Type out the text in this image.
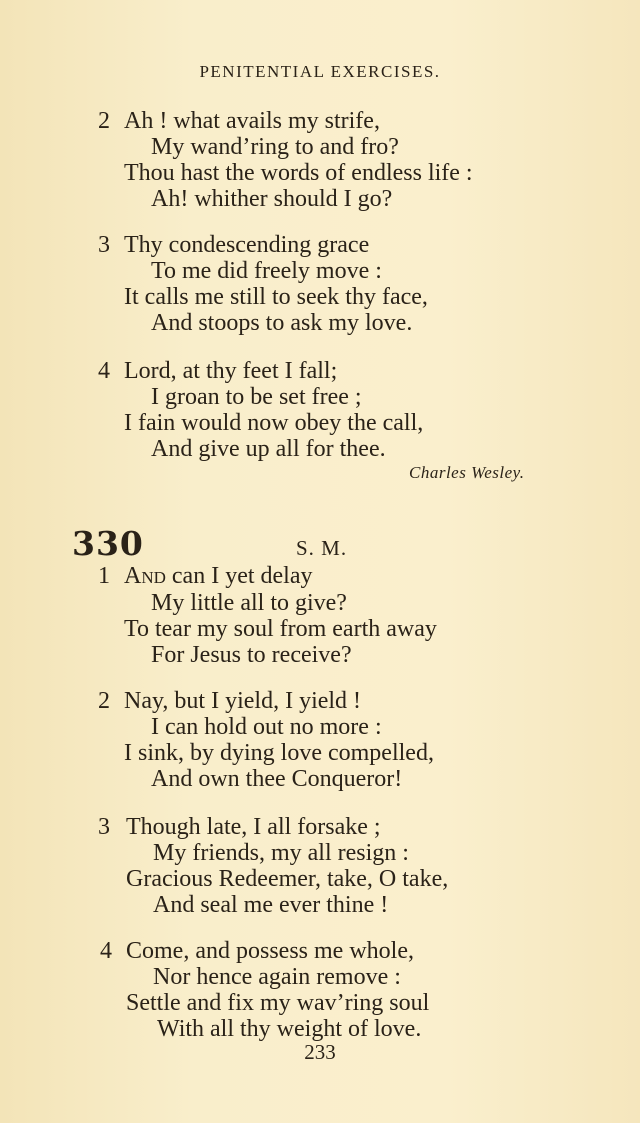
PENITENTIAL EXERCISES.
2 Ah ! what avails my strife,
My wand’ring to and fro?
Thou hast the words of endless life :
Ah! whither should I go?
3 Thy condescending grace
To me did freely move :
It calls me still to seek thy face,
And stoops to ask my love.
4 Lord, at thy feet I fall;
I groan to be set free ;
I fain would now obey the call,
And give up all for thee.
Charles Wesley.
330	S. M.
1 And can I yet delay
My little all to give?
To tear my soul from earth away
For Jesus to receive?
2 Nay, but I yield, I yield !
I can hold out no more :
I sink, by dying love compelled,
And own thee Conqueror!
3 Though late, I all forsake ;
My friends, my all resign :
Gracious Redeemer, take, O take,
And seal me ever thine !
4 Come, and possess me whole,
Nor hence again remove :
Settle and fix my wav’ring soul
With all thy weight of love.
233
